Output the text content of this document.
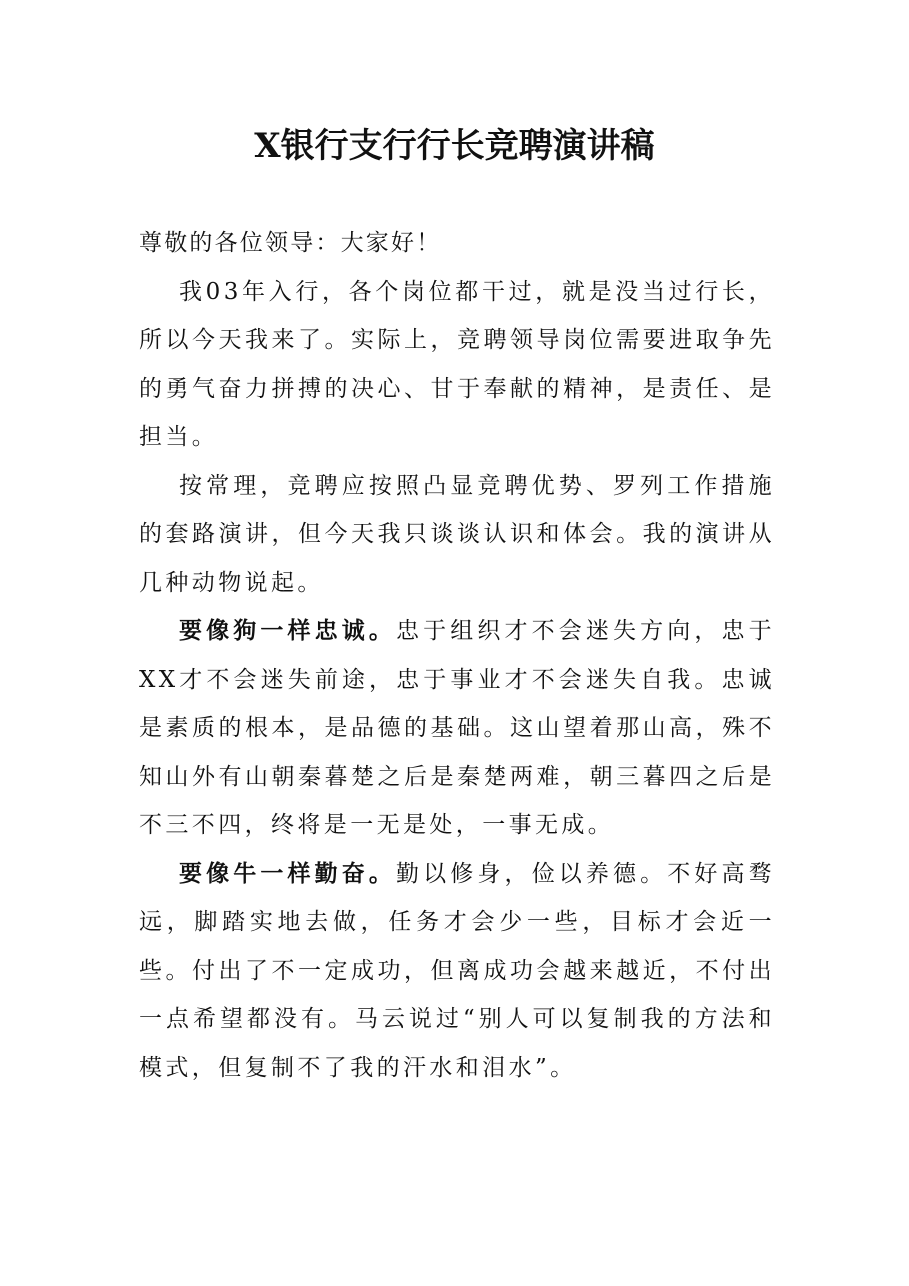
X银行支行行长竞聘演讲稿

尊敬的各位领导：大家好！

我03年入行，各个岗位都干过，就是没当过行长，所以今天我来了。实际上，竞聘领导岗位需要进取争先的勇气奋力拼搏的决心、甘于奉献的精神，是责任、是担当。

按常理，竞聘应按照凸显竞聘优势、罗列工作措施的套路演讲，但今天我只谈谈认识和体会。我的演讲从几种动物说起。

要像狗一样忠诚。忠于组织才不会迷失方向，忠于XX才不会迷失前途，忠于事业才不会迷失自我。忠诚是素质的根本，是品德的基础。这山望着那山高，殊不知山外有山朝秦暮楚之后是秦楚两难，朝三暮四之后是不三不四，终将是一无是处，一事无成。

要像牛一样勤奋。勤以修身，俭以养德。不好高骛远，脚踏实地去做，任务才会少一些，目标才会近一些。付出了不一定成功，但离成功会越来越近，不付出一点希望都没有。马云说过“别人可以复制我的方法和模式，但复制不了我的汗水和泪水”。
